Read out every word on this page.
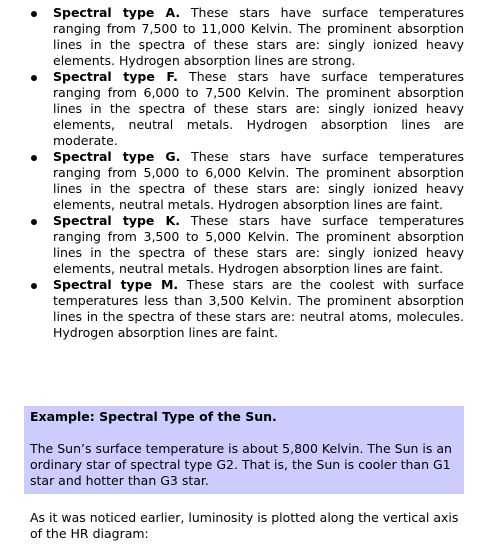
Spectral type A. These stars have surface temperatures ranging from 7,500 to 11,000 Kelvin. The prominent absorption lines in the spectra of these stars are: singly ionized heavy elements. Hydrogen absorption lines are strong.
Spectral type F. These stars have surface temperatures ranging from 6,000 to 7,500 Kelvin. The prominent absorption lines in the spectra of these stars are: singly ionized heavy elements, neutral metals. Hydrogen absorption lines are moderate.
Spectral type G. These stars have surface temperatures ranging from 5,000 to 6,000 Kelvin. The prominent absorption lines in the spectra of these stars are: singly ionized heavy elements, neutral metals. Hydrogen absorption lines are faint.
Spectral type K. These stars have surface temperatures ranging from 3,500 to 5,000 Kelvin. The prominent absorption lines in the spectra of these stars are: singly ionized heavy elements, neutral metals. Hydrogen absorption lines are faint.
Spectral type M. These stars are the coolest with surface temperatures less than 3,500 Kelvin. The prominent absorption lines in the spectra of these stars are: neutral atoms, molecules. Hydrogen absorption lines are faint.

Example: Spectral Type of the Sun.

The Sun’s surface temperature is about 5,800 Kelvin. The Sun is an ordinary star of spectral type G2. That is, the Sun is cooler than G1 star and hotter than G3 star.

As it was noticed earlier, luminosity is plotted along the vertical axis of the HR diagram:
